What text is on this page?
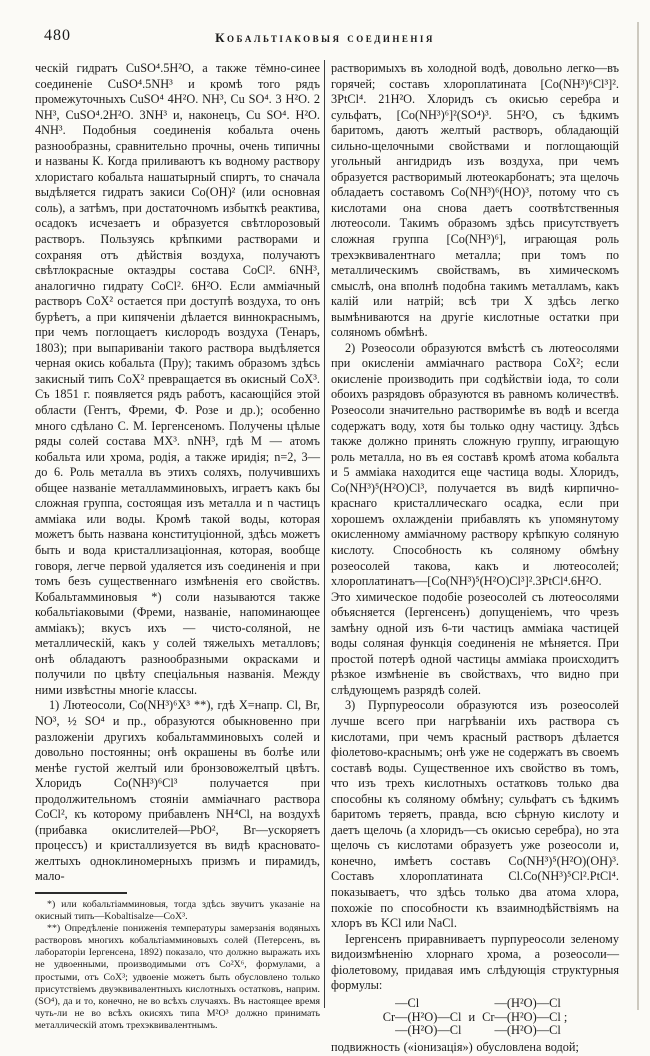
480	Кобальтіаковыя соединенія

ческій гидратъ CuSO⁴.5H²O, а также тёмно-синее соединеніе CuSO⁴.5NH³ и кромѣ того рядъ промежуточныхъ CuSO⁴ 4H²O. NH³, Cu SO⁴. 3 H²O. 2 NH³, CuSO⁴.2H²O. 3NH³ и, наконецъ, Cu SO⁴. H²O. 4NH³. Подобныя соединенія кобальта очень разнообразны, сравнительно прочны, очень типичны и названы К. Когда приливаютъ къ водному раствору хлористаго кобальта нашатырный спиртъ, то сначала выдѣляется гидратъ закиси Co(OH)² (или основная соль), а затѣмъ, при достаточномъ избыткѣ реактива, осадокъ исчезаетъ и образуется свѣтлорозовый растворъ. Пользуясь крѣпкими растворами и сохраняя отъ дѣйствія воздуха, получаютъ свѣтлокрасные октаэдры состава CoCl². 6NH³, аналогично гидрату CoCl². 6H²O. Если амміачный растворъ CoX² остается при доступѣ воздуха, то онъ бурѣетъ, а при кипяченіи дѣлается виннокраснымъ, при чемъ поглощаетъ кислородъ воздуха (Тенаръ, 1803); при выпариваніи такого раствора выдѣляется черная окись кобальта (Пру); такимъ образомъ здѣсь закисный типъ CoX² превращается въ окисный CoX³. Съ 1851 г. появляется рядъ работъ, касающійся этой области (Гентъ, Фреми, Ф. Розе и др.); особенно много сдѣлано С. М. Іергенсеномъ. Получены цѣлые ряды солей состава MX³. nNH³, гдѣ М — атомъ кобальта или хрома, родія, а также иридія; n=2, 3—до 6. Роль металла въ этихъ соляхъ, получившихъ общее названіе металламминовыхъ, играетъ какъ бы сложная группа, состоящая изъ металла и n частицъ амміака или воды. Кромѣ такой воды, которая можетъ быть названа конституціонной, здѣсь можетъ быть и вода кристаллизаціонная, которая, вообще говоря, легче первой удаляется изъ соединенія и при томъ безъ существеннаго измѣненія его свойствъ. Кобальтамминовыя *) соли называются также кобальтіаковыми (Фреми, названіе, напоминающее амміакъ); вкусъ ихъ — чисто-соляной, не металлическій, какъ у солей тяжелыхъ металловъ; онѣ обладаютъ разнообразными окрасками и получили по цвѣту спеціальныя названія. Между ними извѣстны многіе классы.

1) Лютеосоли, Co(NH³)⁶X³ **), гдѣ X=напр. Cl, Br, NO³, ½ SO⁴ и пр., образуются обыкновенно при разложеніи другихъ кобальтамминовыхъ солей и довольно постоянны; онѣ окрашены въ болѣе или менѣе густой желтый или бронзовожелтый цвѣтъ. Хлоридъ Co(NH³)⁶Cl³ получается при продолжительномъ стояніи амміачнаго раствора CoCl², къ которому прибавленъ NH⁴Cl, на воздухѣ (прибавка окислителей—PbO², Br—ускоряетъ процессъ) и кристаллизуется въ видѣ красновато-желтыхъ одноклиномерныхъ призмъ и пирамидъ, мало-

*) или кобальтіамминовыя, тогда здѣсь звучитъ указаніе на окисный типъ—Kobaltisalze—CoX³.

**) Опредѣленіе пониженія температуры замерзанія водяныхъ растворовъ многихъ кобальтіамминовыхъ солей (Петерсенъ, въ лабораторіи Іергенсена, 1892) показало, что должно выражать ихъ не удвоенными, производимыми отъ Co²X⁶, формулами, а простыми, отъ CoX³; удвоеніе можетъ быть обусловлено только присутствіемъ двуэквивалентныхъ кислотныхъ остатковъ, наприм. (SO⁴), да и то, конечно, не во всѣхъ случаяхъ. Въ настоящее время чуть-ли не во всѣхъ окисяхъ типа M²O³ должно принимать металлическій атомъ трехэквивалентнымъ.

растворимыхъ въ холодной водѣ, довольно легко—въ горячей; составъ хлороплатината [Co(NH³)⁶Cl³]². 3PtCl⁴. 21H²O. Хлоридъ съ окисью серебра и сульфатъ, [Co(NH³)⁶]²(SO⁴)³. 5H²O, съ ѣдкимъ баритомъ, даютъ желтый растворъ, обладающій сильно-щелочными свойствами и поглощающій угольный ангидридъ изъ воздуха, при чемъ образуется растворимый лютеокарбонатъ; эта щелочь обладаетъ составомъ Co(NH³)⁶(HO)³, потому что съ кислотами она снова даетъ соотвѣтственныя лютеосоли. Такимъ образомъ здѣсь присутствуетъ сложная группа [Co(NH³)⁶], играющая роль трехэквивалентнаго металла; при томъ по металлическимъ свойствамъ, въ химическомъ смыслѣ, она вполнѣ подобна такимъ металламъ, какъ калій или натрій; всѣ три X здѣсь легко вымѣниваются на другіе кислотные остатки при соляномъ обмѣнѣ.

2) Розеосоли образуются вмѣстѣ съ лютеосолями при окисленіи амміачнаго раствора CoX²; если окисленіе производить при содѣйствіи іода, то соли обоихъ разрядовъ образуются въ равномъ количествѣ. Розеосоли значительно растворимѣе въ водѣ и всегда содержатъ воду, хотя бы только одну частицу. Здѣсь также должно принять сложную группу, играющую роль металла, но въ ея составѣ кромѣ атома кобальта и 5 амміака находится еще частица воды. Хлоридъ, Co(NH³)⁵(H²O)Cl³, получается въ видѣ кирпично-краснаго кристаллическаго осадка, если при хорошемъ охлажденіи прибавлять къ упомянутому окисленному амміачному раствору крѣпкую соляную кислоту. Способность къ соляному обмѣну розеосолей такова, какъ и лютеосолей; хлороплатинатъ—[Co(NH³)⁵(H²O)Cl³]².3PtCl⁴.6H²O. Это химическое подобіе розеосолей съ лютеосолями объясняется (Іергенсенъ) допущеніемъ, что чрезъ замѣну одной изъ 6-ти частицъ амміака частицей воды соляная функція соединенія не мѣняется. При простой потерѣ одной частицы амміака происходитъ рѣзкое измѣненіе въ свойствахъ, что видно при слѣдующемъ разрядѣ солей.

3) Пурпуреосоли образуются изъ розеосолей лучше всего при нагрѣваніи ихъ раствора съ кислотами, при чемъ красный растворъ дѣлается фіолетово-краснымъ; онѣ уже не содержатъ въ своемъ составѣ воды. Существенное ихъ свойство въ томъ, что изъ трехъ кислотныхъ остатковъ только два способны къ соляному обмѣну; сульфатъ съ ѣдкимъ баритомъ теряетъ, правда, всю сѣрную кислоту и даетъ щелочь (а хлоридъ—съ окисью серебра), но эта щелочь съ кислотами образуетъ уже розеосоли и, конечно, имѣетъ составъ Co(NH³)⁵(H²O)(OH)³. Составъ хлороплатината Cl.Co(NH³)⁵Cl².PtCl⁴. показываетъ, что здѣсь только два атома хлора, похожіе по способности къ взаимнодѣйствіямъ на хлоръ въ KCl или NaCl.

Іергенсенъ приравниваетъ пурпуреосоли зеленому видоизмѣненію хлорнаго хрома, а розеосоли—фіолетовому, придавая имъ слѣдующія структурныя формулы:

Cr
—Cl
—(H²O)—Cl
—(H²O)—Cl
и Cr
—(H²O)—Cl
—(H²O)—Cl
—(H²O)—Cl
;

подвижность («іонизація») обусловлена водой;
